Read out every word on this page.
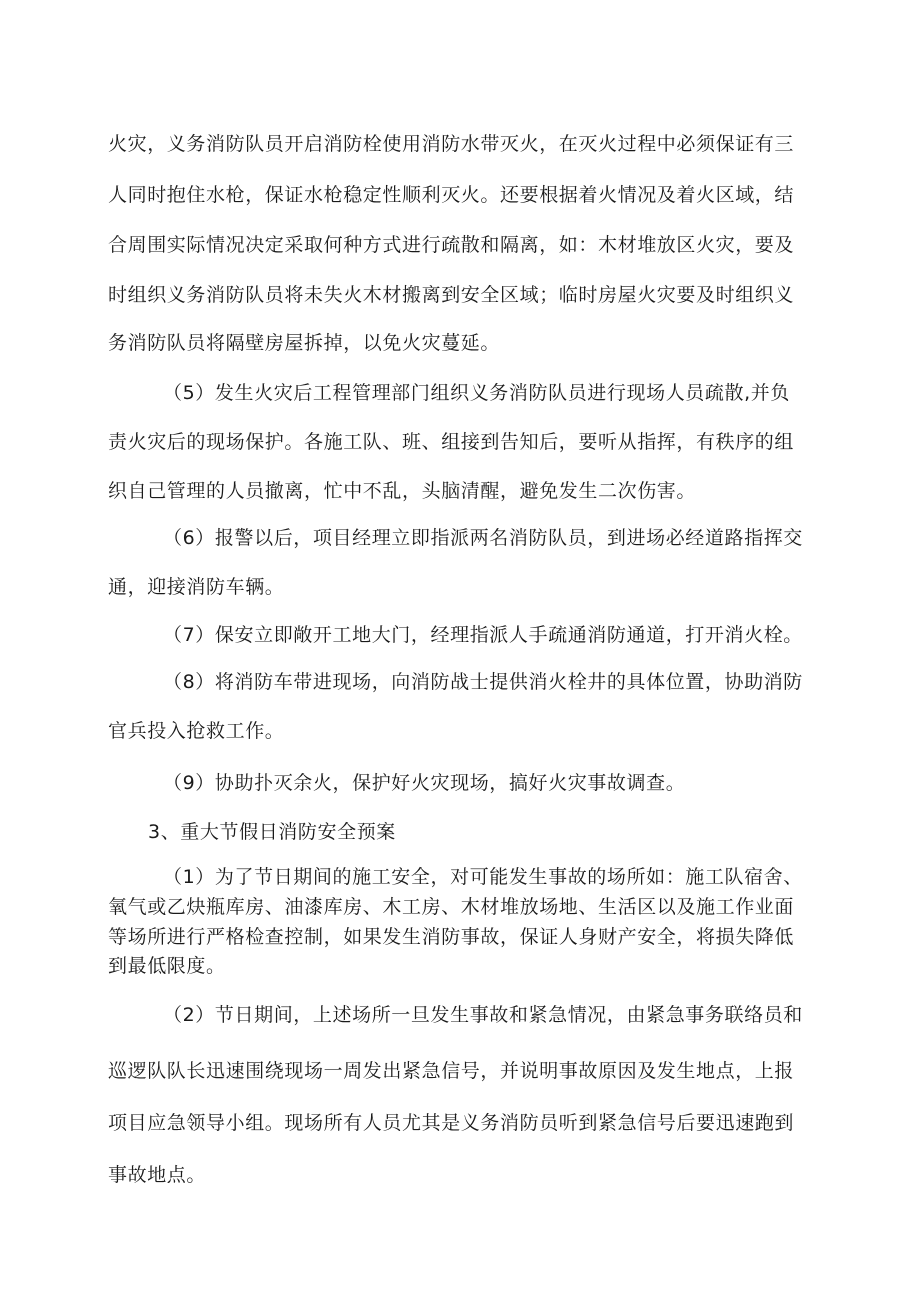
火灾，义务消防队员开启消防栓使用消防水带灭火，在灭火过程中必须保证有三
人同时抱住水枪，保证水枪稳定性顺利灭火。还要根据着火情况及着火区域，结
合周围实际情况决定采取何种方式进行疏散和隔离，如：木材堆放区火灾，要及
时组织义务消防队员将未失火木材搬离到安全区域；临时房屋火灾要及时组织义
务消防队员将隔壁房屋拆掉，以免火灾蔓延。
（5）发生火灾后工程管理部门组织义务消防队员进行现场人员疏散,并负
责火灾后的现场保护。各施工队、班、组接到告知后，要听从指挥，有秩序的组
织自己管理的人员撤离，忙中不乱，头脑清醒，避免发生二次伤害。
（6）报警以后，项目经理立即指派两名消防队员，到进场必经道路指挥交
通，迎接消防车辆。
（7）保安立即敞开工地大门，经理指派人手疏通消防通道，打开消火栓。
（8）将消防车带进现场，向消防战士提供消火栓井的具体位置，协助消防
官兵投入抢救工作。
（9）协助扑灭余火，保护好火灾现场，搞好火灾事故调查。
3、重大节假日消防安全预案
（1）为了节日期间的施工安全，对可能发生事故的场所如：施工队宿舍、
氧气或乙炔瓶库房、油漆库房、木工房、木材堆放场地、生活区以及施工作业面
等场所进行严格检查控制，如果发生消防事故，保证人身财产安全，将损失降低
到最低限度。
（2）节日期间，上述场所一旦发生事故和紧急情况，由紧急事务联络员和
巡逻队队长迅速围绕现场一周发出紧急信号，并说明事故原因及发生地点，上报
项目应急领导小组。现场所有人员尤其是义务消防员听到紧急信号后要迅速跑到
事故地点。
